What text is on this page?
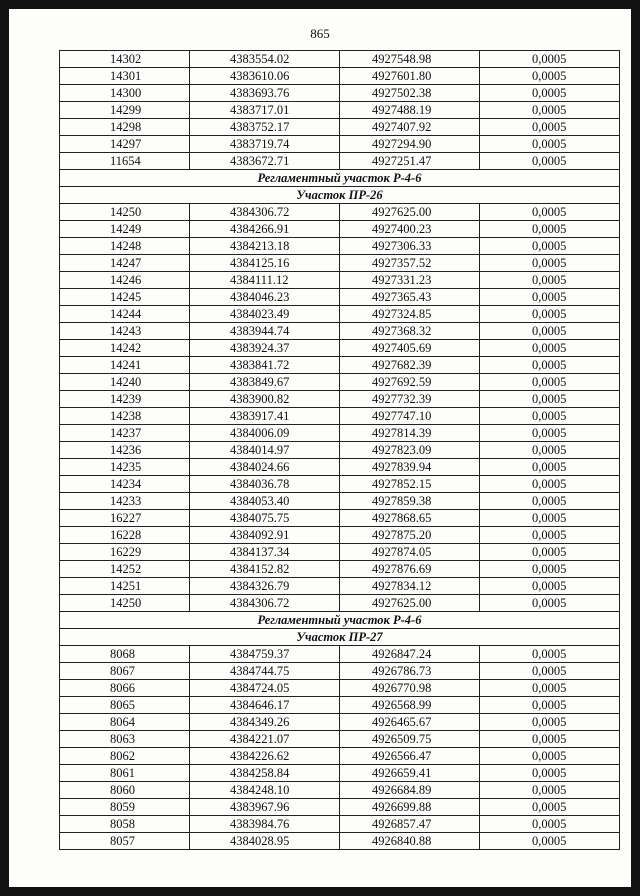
865
14302	4383554.02	4927548.98	0,0005
14301	4383610.06	4927601.80	0,0005
14300	4383693.76	4927502.38	0,0005
14299	4383717.01	4927488.19	0,0005
14298	4383752.17	4927407.92	0,0005
14297	4383719.74	4927294.90	0,0005
11654	4383672.71	4927251.47	0,0005
Регламентный участок Р-4-6			
Участок ПР-26			
14250	4384306.72	4927625.00	0,0005
14249	4384266.91	4927400.23	0,0005
14248	4384213.18	4927306.33	0,0005
14247	4384125.16	4927357.52	0,0005
14246	4384111.12	4927331.23	0,0005
14245	4384046.23	4927365.43	0,0005
14244	4384023.49	4927324.85	0,0005
14243	4383944.74	4927368.32	0,0005
14242	4383924.37	4927405.69	0,0005
14241	4383841.72	4927682.39	0,0005
14240	4383849.67	4927692.59	0,0005
14239	4383900.82	4927732.39	0,0005
14238	4383917.41	4927747.10	0,0005
14237	4384006.09	4927814.39	0,0005
14236	4384014.97	4927823.09	0,0005
14235	4384024.66	4927839.94	0,0005
14234	4384036.78	4927852.15	0,0005
14233	4384053.40	4927859.38	0,0005
16227	4384075.75	4927868.65	0,0005
16228	4384092.91	4927875.20	0,0005
16229	4384137.34	4927874.05	0,0005
14252	4384152.82	4927876.69	0,0005
14251	4384326.79	4927834.12	0,0005
14250	4384306.72	4927625.00	0,0005
Регламентный участок Р-4-6			
Участок ПР-27			
8068	4384759.37	4926847.24	0,0005
8067	4384744.75	4926786.73	0,0005
8066	4384724.05	4926770.98	0,0005
8065	4384646.17	4926568.99	0,0005
8064	4384349.26	4926465.67	0,0005
8063	4384221.07	4926509.75	0,0005
8062	4384226.62	4926566.47	0,0005
8061	4384258.84	4926659.41	0,0005
8060	4384248.10	4926684.89	0,0005
8059	4383967.96	4926699.88	0,0005
8058	4383984.76	4926857.47	0,0005
8057	4384028.95	4926840.88	0,0005
